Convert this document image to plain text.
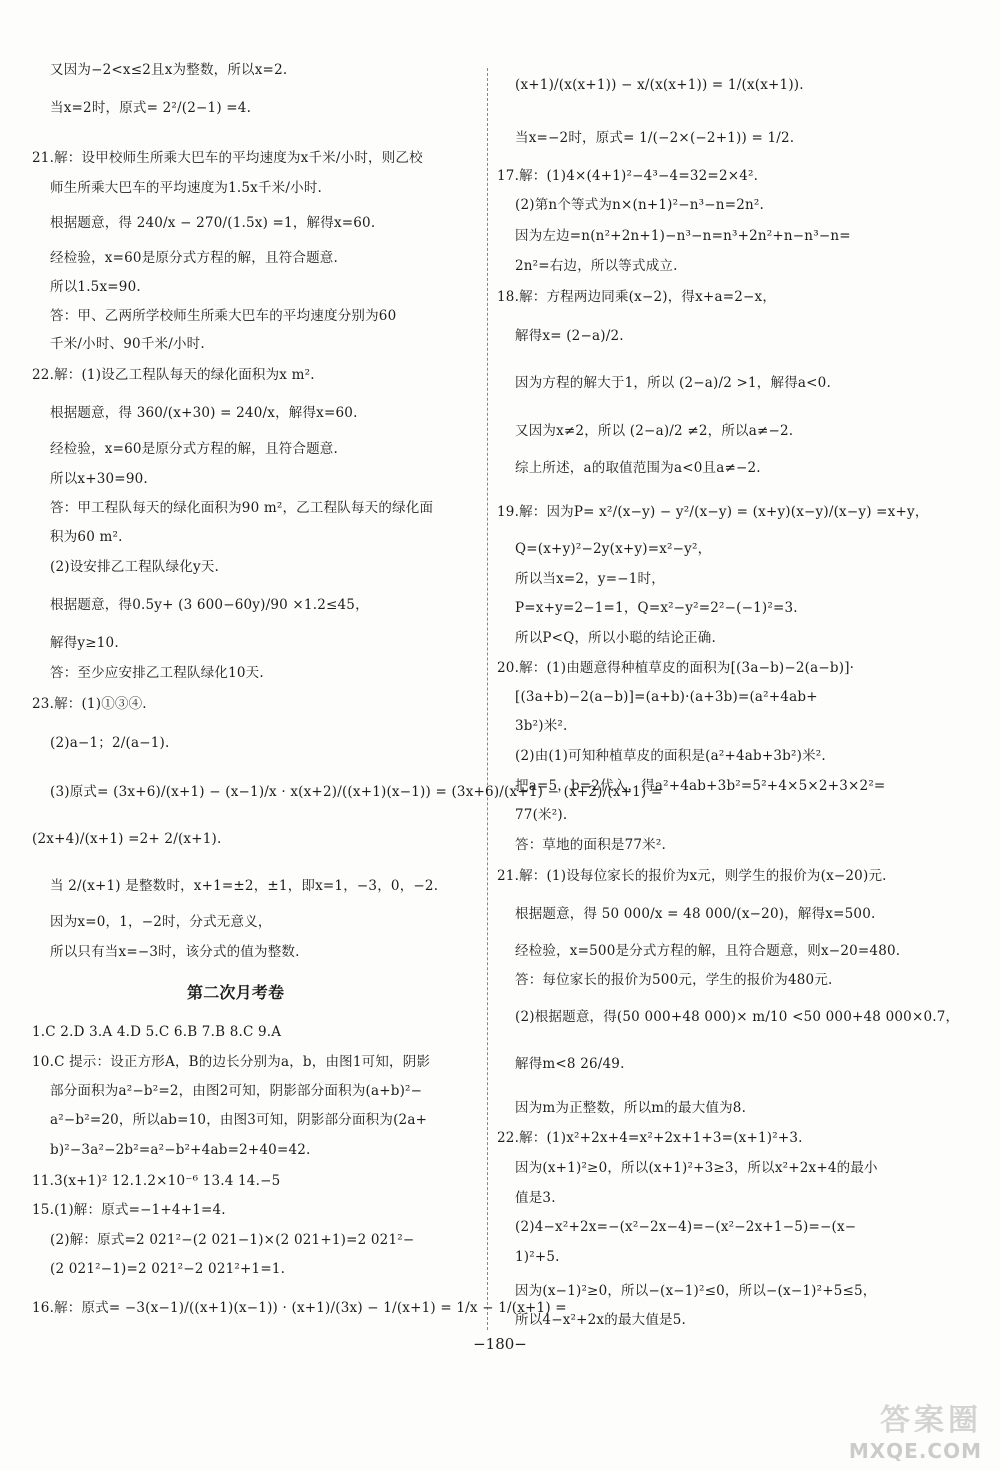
又因为−2<x≤2且x为整数，所以x=2.
当x=2时，原式= 2²/(2−1) =4.
21.解：设甲校师生所乘大巴车的平均速度为x千米/小时，则乙校
师生所乘大巴车的平均速度为1.5x千米/小时.
根据题意，得 240/x − 270/(1.5x) =1，解得x=60.
经检验，x=60是原分式方程的解，且符合题意.
所以1.5x=90.
答：甲、乙两所学校师生所乘大巴车的平均速度分别为60
千米/小时、90千米/小时.
22.解：(1)设乙工程队每天的绿化面积为x m².
根据题意，得 360/(x+30) = 240/x，解得x=60.
经检验，x=60是原分式方程的解，且符合题意.
所以x+30=90.
答：甲工程队每天的绿化面积为90 m²，乙工程队每天的绿化面
积为60 m².
(2)设安排乙工程队绿化y天.
根据题意，得0.5y+ (3 600−60y)/90 ×1.2≤45，
解得y≥10.
答：至少应安排乙工程队绿化10天.
23.解：(1)①③④.
(2)a−1；2/(a−1).
(3)原式= (3x+6)/(x+1) − (x−1)/x · x(x+2)/((x+1)(x−1)) = (3x+6)/(x+1) − (x+2)/(x+1) =
(2x+4)/(x+1) =2+ 2/(x+1).
当 2/(x+1) 是整数时，x+1=±2，±1，即x=1，−3，0，−2.
因为x=0，1，−2时，分式无意义，
所以只有当x=−3时，该分式的值为整数.
第二次月考卷
1.C 2.D 3.A 4.D 5.C 6.B 7.B 8.C 9.A
10.C 提示：设正方形A，B的边长分别为a，b，由图1可知，阴影
部分面积为a²−b²=2，由图2可知，阴影部分面积为(a+b)²−
a²−b²=20，所以ab=10，由图3可知，阴影部分面积为(2a+
b)²−3a²−2b²=a²−b²+4ab=2+40=42.
11.3(x+1)² 12.1.2×10⁻⁶ 13.4 14.−5
15.(1)解：原式=−1+4+1=4.
(2)解：原式=2 021²−(2 021−1)×(2 021+1)=2 021²−
(2 021²−1)=2 021²−2 021²+1=1.
16.解：原式= −3(x−1)/((x+1)(x−1)) · (x+1)/(3x) − 1/(x+1) = 1/x − 1/(x+1) =
(x+1)/(x(x+1)) − x/(x(x+1)) = 1/(x(x+1)).
当x=−2时，原式= 1/(−2×(−2+1)) = 1/2.
17.解：(1)4×(4+1)²−4³−4=32=2×4².
(2)第n个等式为n×(n+1)²−n³−n=2n².
因为左边=n(n²+2n+1)−n³−n=n³+2n²+n−n³−n=
2n²=右边，所以等式成立.
18.解：方程两边同乘(x−2)，得x+a=2−x，
解得x= (2−a)/2.
因为方程的解大于1，所以 (2−a)/2 >1，解得a<0.
又因为x≠2，所以 (2−a)/2 ≠2，所以a≠−2.
综上所述，a的取值范围为a<0且a≠−2.
19.解：因为P= x²/(x−y) − y²/(x−y) = (x+y)(x−y)/(x−y) =x+y，
Q=(x+y)²−2y(x+y)=x²−y²，
所以当x=2，y=−1时，
P=x+y=2−1=1，Q=x²−y²=2²−(−1)²=3.
所以P<Q，所以小聪的结论正确.
20.解：(1)由题意得种植草皮的面积为[(3a−b)−2(a−b)]·
[(3a+b)−2(a−b)]=(a+b)·(a+3b)=(a²+4ab+
3b²)米².
(2)由(1)可知种植草皮的面积是(a²+4ab+3b²)米².
把a=5，b=2代入，得a²+4ab+3b²=5²+4×5×2+3×2²=
77(米²).
答：草地的面积是77米².
21.解：(1)设每位家长的报价为x元，则学生的报价为(x−20)元.
根据题意，得 50 000/x = 48 000/(x−20)，解得x=500.
经检验，x=500是分式方程的解，且符合题意，则x−20=480.
答：每位家长的报价为500元，学生的报价为480元.
(2)根据题意，得(50 000+48 000)× m/10 <50 000+48 000×0.7，
解得m<8 26/49.
因为m为正整数，所以m的最大值为8.
22.解：(1)x²+2x+4=x²+2x+1+3=(x+1)²+3.
因为(x+1)²≥0，所以(x+1)²+3≥3，所以x²+2x+4的最小
值是3.
(2)4−x²+2x=−(x²−2x−4)=−(x²−2x+1−5)=−(x−
1)²+5.
因为(x−1)²≥0，所以−(x−1)²≤0，所以−(x−1)²+5≤5，
所以4−x²+2x的最大值是5.
−180−
答案圈
MXQE.COM
